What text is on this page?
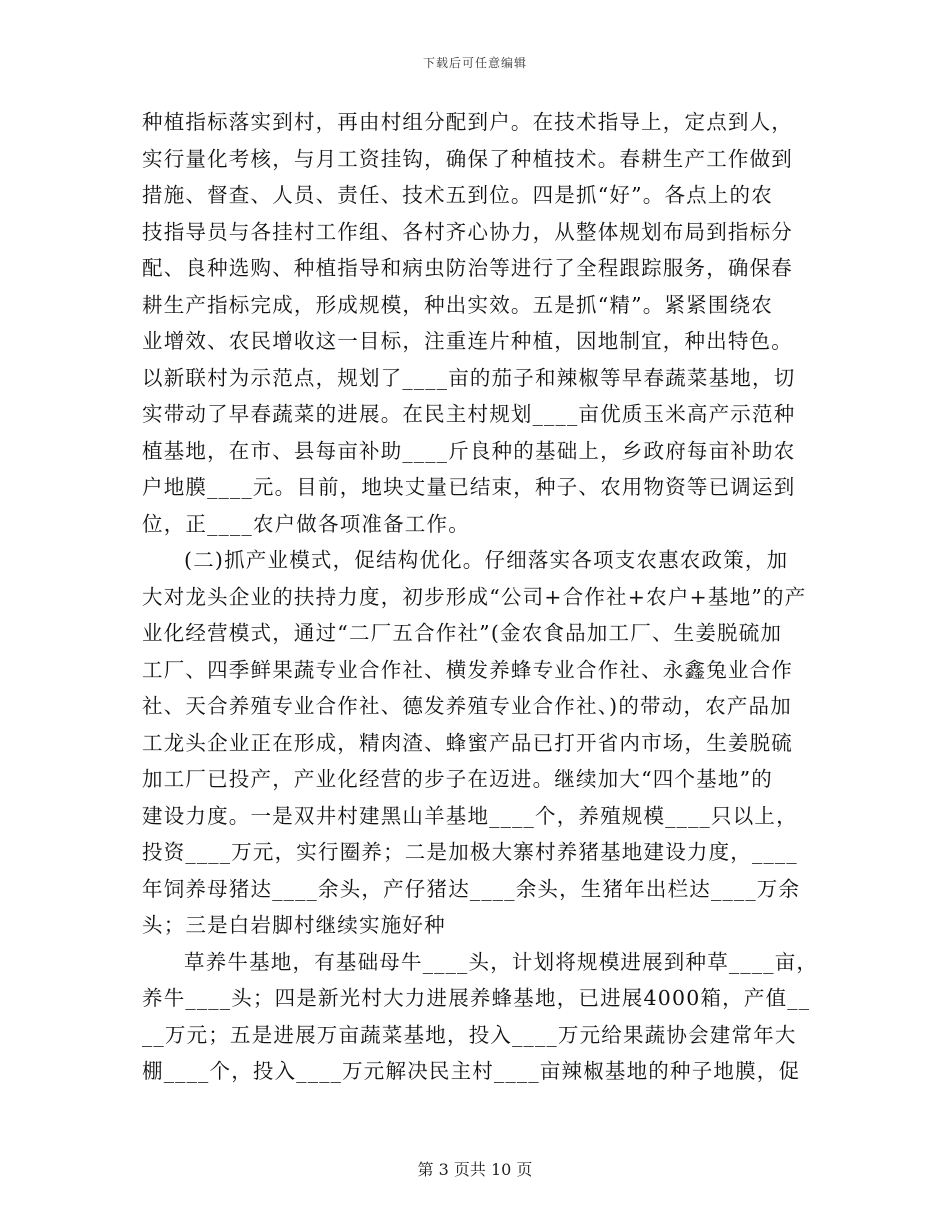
下载后可任意编辑
种植指标落实到村，再由村组分配到户。在技术指导上，定点到人，
实行量化考核，与月工资挂钩，确保了种植技术。春耕生产工作做到
措施、督查、人员、责任、技术五到位。四是抓“好”。各点上的农
技指导员与各挂村工作组、各村齐心协力，从整体规划布局到指标分
配、良种选购、种植指导和病虫防治等进行了全程跟踪服务，确保春
耕生产指标完成，形成规模，种出实效。五是抓“精”。紧紧围绕农
业增效、农民增收这一目标，注重连片种植，因地制宜，种出特色。
以新联村为示范点，规划了____亩的茄子和辣椒等早春蔬菜基地，切
实带动了早春蔬菜的进展。在民主村规划____亩优质玉米高产示范种
植基地，在市、县每亩补助____斤良种的基础上，乡政府每亩补助农
户地膜____元。目前，地块丈量已结束，种子、农用物资等已调运到
位，正____农户做各项准备工作。
(二)抓产业模式，促结构优化。仔细落实各项支农惠农政策，加
大对龙头企业的扶持力度，初步形成“公司+合作社+农户+基地”的产
业化经营模式，通过“二厂五合作社”(金农食品加工厂、生姜脱硫加
工厂、四季鲜果蔬专业合作社、横发养蜂专业合作社、永鑫兔业合作
社、天合养殖专业合作社、德发养殖专业合作社、)的带动，农产品加
工龙头企业正在形成，精肉渣、蜂蜜产品已打开省内市场，生姜脱硫
加工厂已投产，产业化经营的步子在迈进。继续加大“四个基地”的
建设力度。一是双井村建黑山羊基地____个，养殖规模____只以上，
投资____万元，实行圈养；二是加极大寨村养猪基地建设力度，____
年饲养母猪达____余头，产仔猪达____余头，生猪年出栏达____万余
头；三是白岩脚村继续实施好种
草养牛基地，有基础母牛____头，计划将规模进展到种草____亩，
养牛____头；四是新光村大力进展养蜂基地，已进展4000箱，产值__
__万元；五是进展万亩蔬菜基地，投入____万元给果蔬协会建常年大
棚____个，投入____万元解决民主村____亩辣椒基地的种子地膜，促
第 3 页共 10 页
